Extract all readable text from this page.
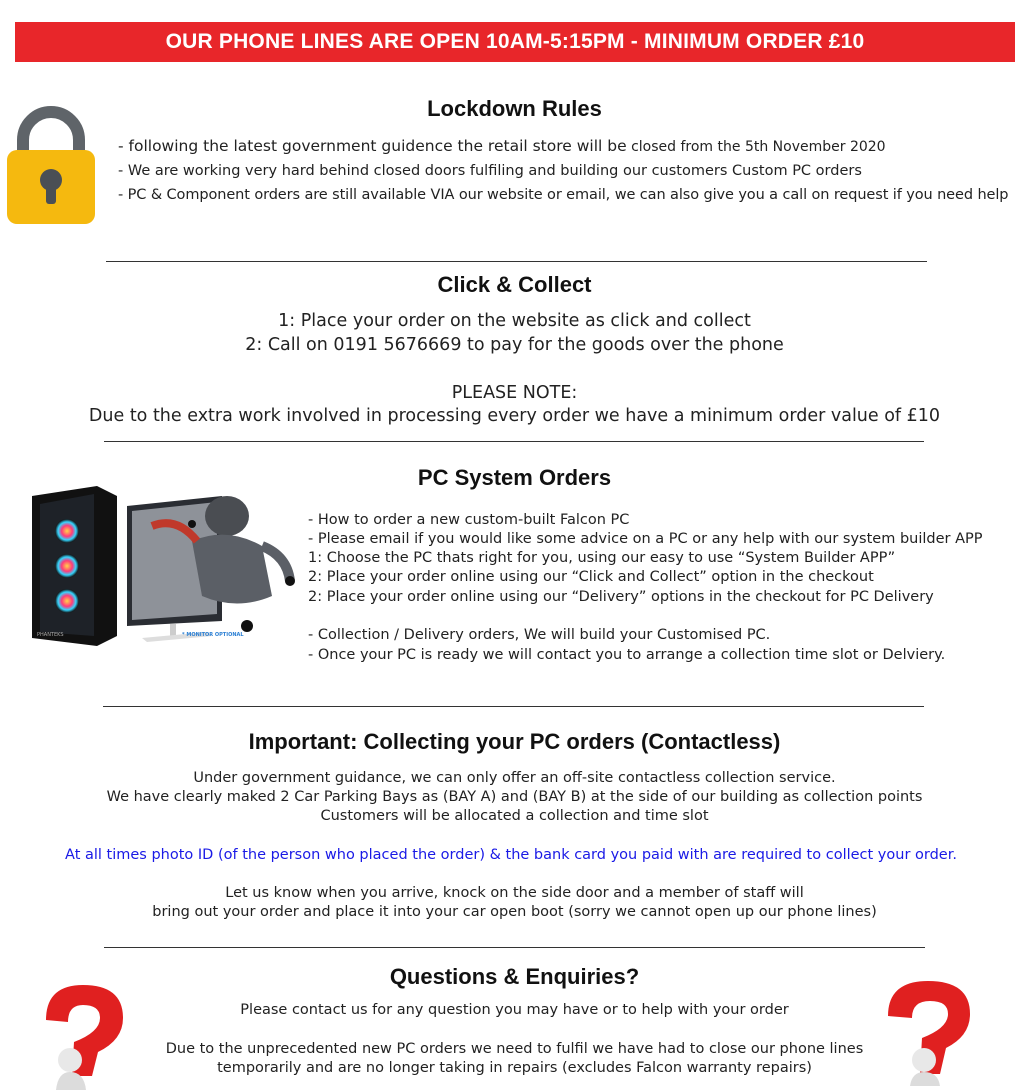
OUR PHONE LINES ARE OPEN 10AM-5:15PM - MINIMUM ORDER £10
Lockdown Rules
- following the latest government guidence the retail store will be closed from the 5th November 2020
- We are working very hard behind closed doors fulfiling and building our customers Custom PC orders
- PC & Component orders are still available VIA our website or email, we can also give you a call on request if you need help
Click & Collect
1: Place your order on the website as click and collect
2: Call on 0191 5676669 to pay for the goods over the phone
PLEASE NOTE:
Due to the extra work involved in processing every order we have a minimum order value of £10
PC System Orders
PHANTEKS	* MONITOR OPTIONAL
- How to order a new custom-built Falcon PC
- Please email if you would like some advice on a PC or any help with our system builder APP
1: Choose the PC thats right for you, using our easy to use “System Builder APP”
2: Place your order online using our “Click and Collect” option in the checkout
2: Place your order online using our “Delivery” options in the checkout for PC Delivery
- Collection / Delivery orders, We will build your Customised PC.
- Once your PC is ready we will contact you to arrange a collection time slot or Delviery.
Important: Collecting your PC orders (Contactless)
Under government guidance, we can only offer an off-site contactless collection service.
We have clearly maked 2 Car Parking Bays as (BAY A) and (BAY B) at the side of our building as collection points
Customers will be allocated a collection and time slot
At all times photo ID (of the person who placed the order) & the bank card you paid with are required to collect your order.
Let us know when you arrive, knock on the side door and a member of staff will
bring out your order and place it into your car open boot (sorry we cannot open up our phone lines)
Questions & Enquiries?
Please contact us for any question you may have or to help with your order
Due to the unprecedented new PC orders we need to fulfil we have had to close our phone lines
temporarily and are no longer taking in repairs (excludes Falcon warranty repairs)
